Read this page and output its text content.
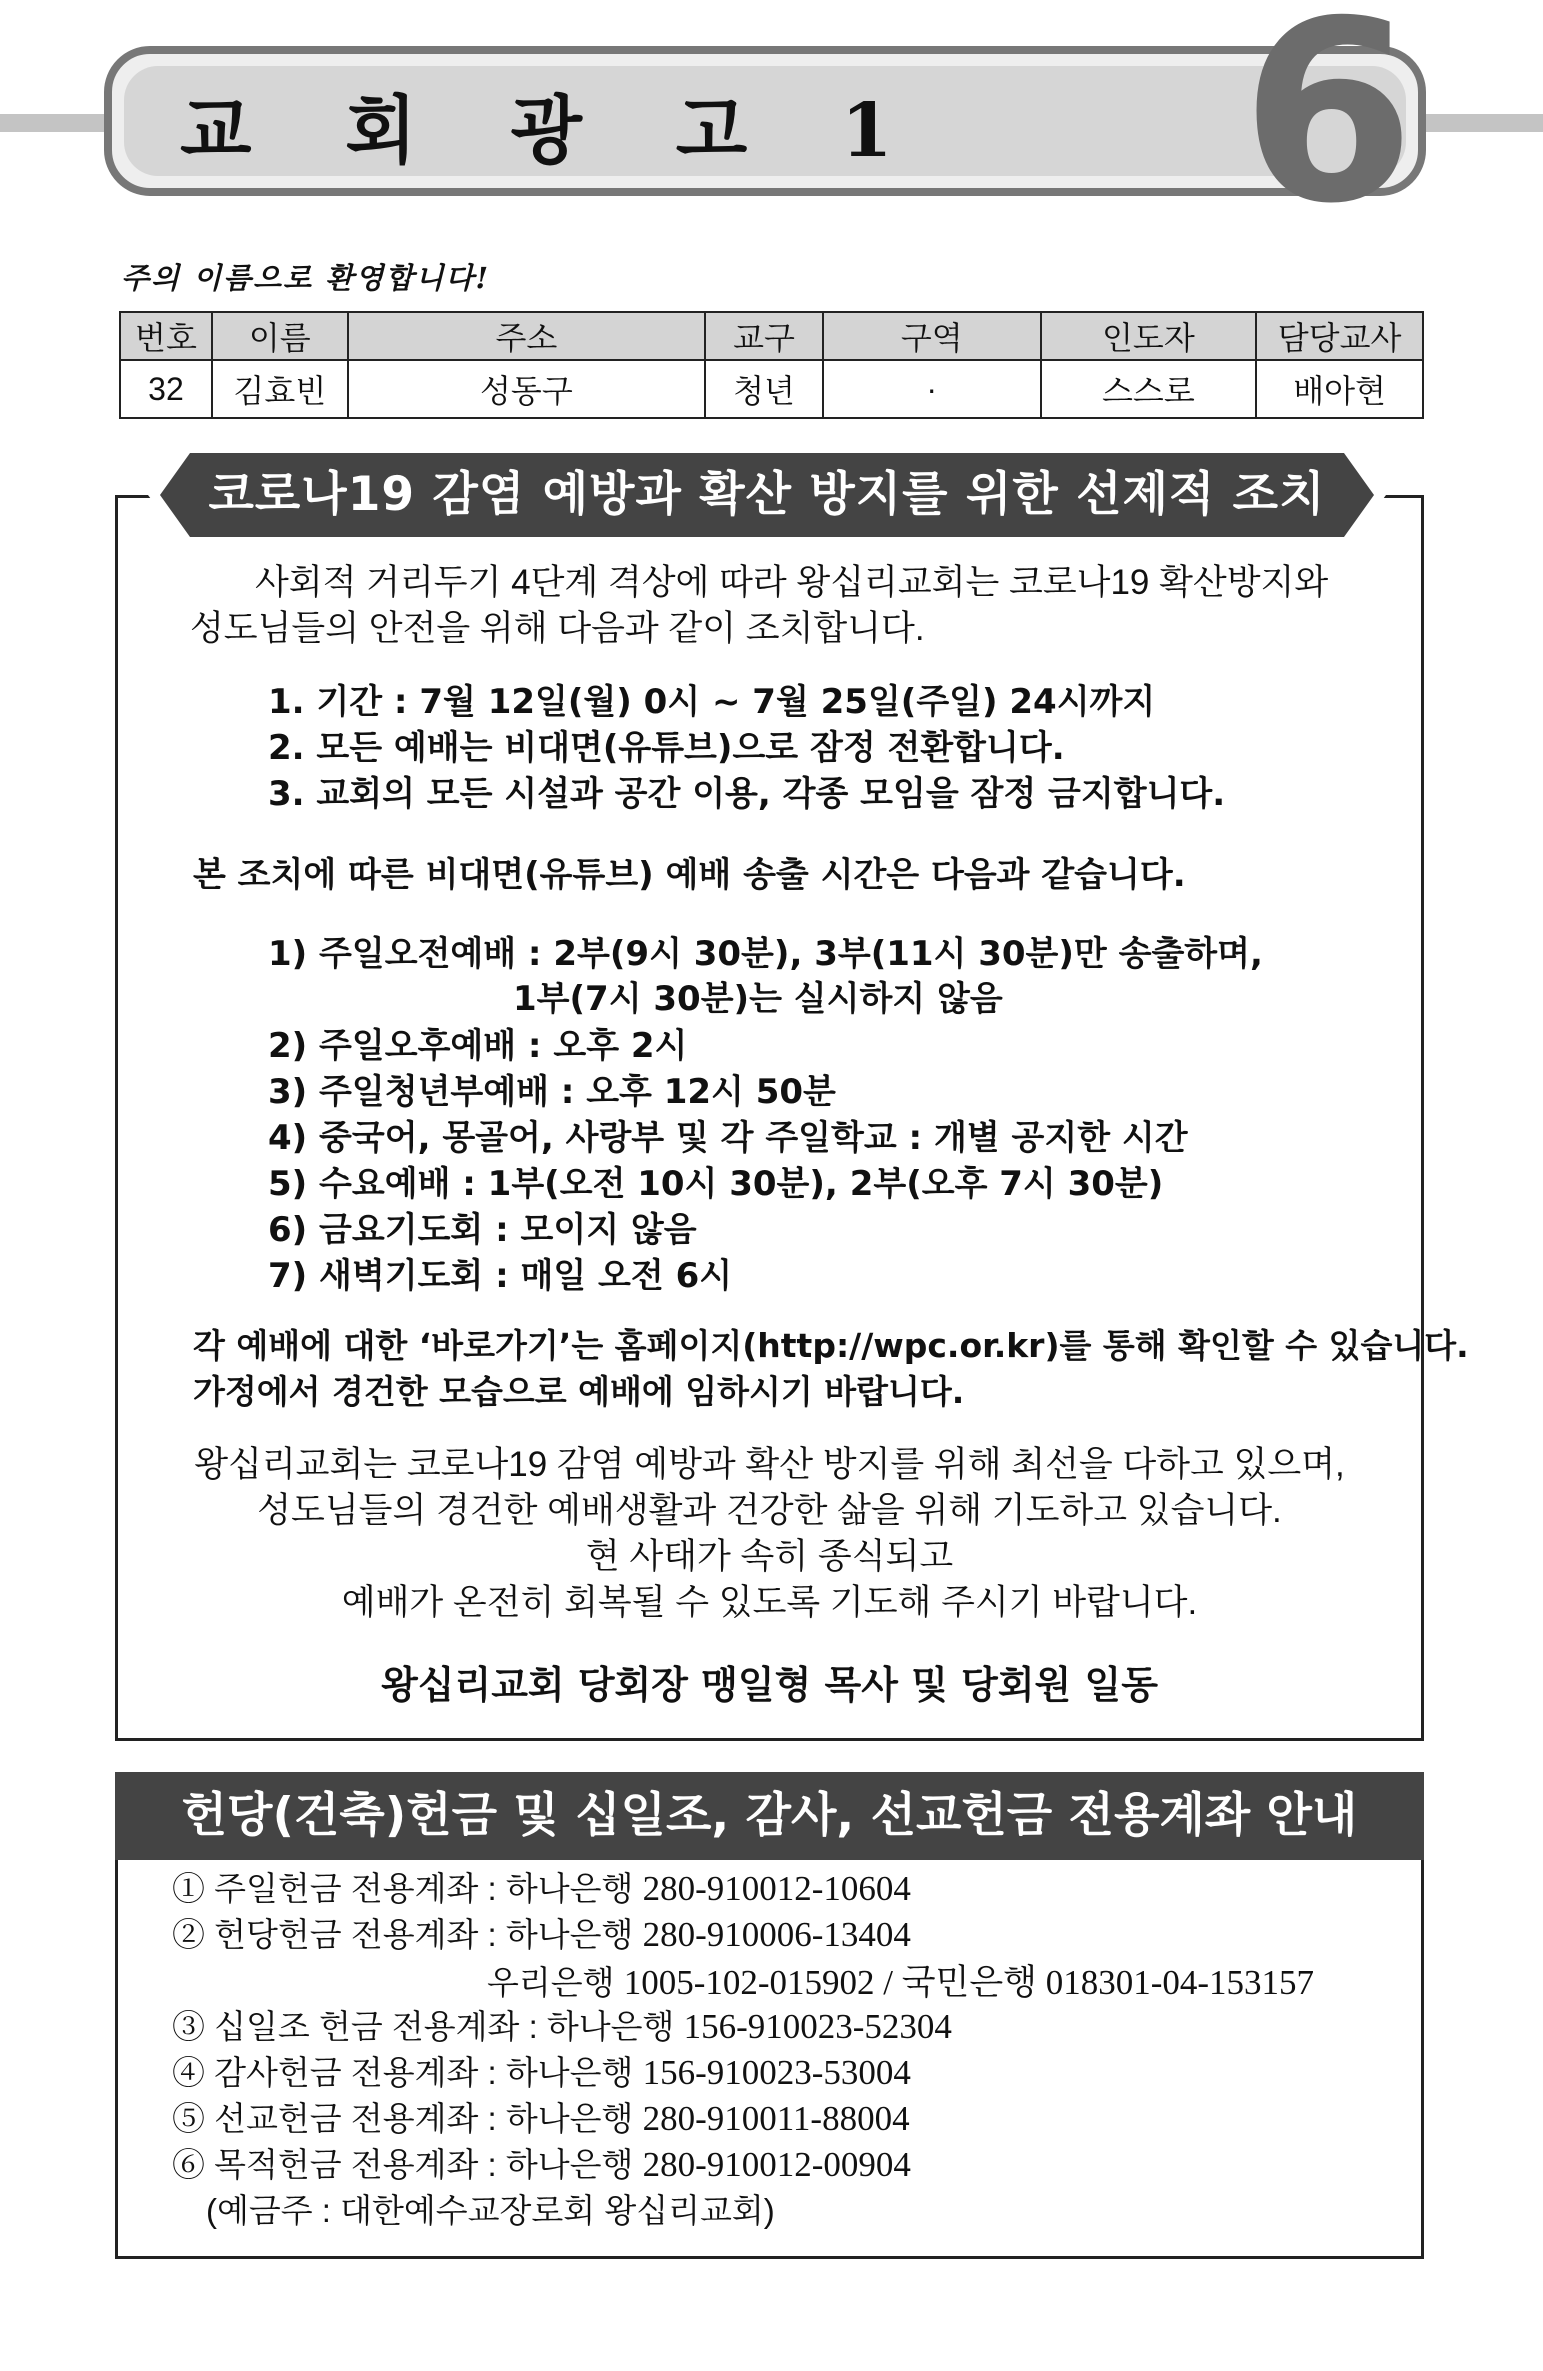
교 회 광 고 1 6
주의 이름으로 환영합니다!
번호	이름	주소	교구	구역	인도자	담당교사
32	김효빈	성동구	청년	·	스스로	배아현
코로나19 감염 예방과 확산 방지를 위한 선제적 조치
사회적 거리두기 4단계 격상에 따라 왕십리교회는 코로나19 확산방지와
성도님들의 안전을 위해 다음과 같이 조치합니다.
1. 기간 : 7월 12일(월) 0시 ~ 7월 25일(주일) 24시까지
2. 모든 예배는 비대면(유튜브)으로 잠정 전환합니다.
3. 교회의 모든 시설과 공간 이용, 각종 모임을 잠정 금지합니다.
본 조치에 따른 비대면(유튜브) 예배 송출 시간은 다음과 같습니다.
1) 주일오전예배 : 2부(9시 30분), 3부(11시 30분)만 송출하며,
1부(7시 30분)는 실시하지 않음
2) 주일오후예배 : 오후 2시
3) 주일청년부예배 : 오후 12시 50분
4) 중국어, 몽골어, 사랑부 및 각 주일학교 : 개별 공지한 시간
5) 수요예배 : 1부(오전 10시 30분), 2부(오후 7시 30분)
6) 금요기도회 : 모이지 않음
7) 새벽기도회 : 매일 오전 6시
각 예배에 대한 ‘바로가기’는 홈페이지(http://wpc.or.kr)를 통해 확인할 수 있습니다.
가정에서 경건한 모습으로 예배에 임하시기 바랍니다.
왕십리교회는 코로나19 감염 예방과 확산 방지를 위해 최선을 다하고 있으며,
성도님들의 경건한 예배생활과 건강한 삶을 위해 기도하고 있습니다.
현 사태가 속히 종식되고
예배가 온전히 회복될 수 있도록 기도해 주시기 바랍니다.
왕십리교회 당회장 맹일형 목사 및 당회원 일동
헌당(건축)헌금 및 십일조, 감사, 선교헌금 전용계좌 안내
① 주일헌금 전용계좌 : 하나은행 280-910012-10604
② 헌당헌금 전용계좌 : 하나은행 280-910006-13404
우리은행 1005-102-015902 / 국민은행 018301-04-153157
③ 십일조 헌금 전용계좌 : 하나은행 156-910023-52304
④ 감사헌금 전용계좌 : 하나은행 156-910023-53004
⑤ 선교헌금 전용계좌 : 하나은행 280-910011-88004
⑥ 목적헌금 전용계좌 : 하나은행 280-910012-00904
(예금주 : 대한예수교장로회 왕십리교회)
